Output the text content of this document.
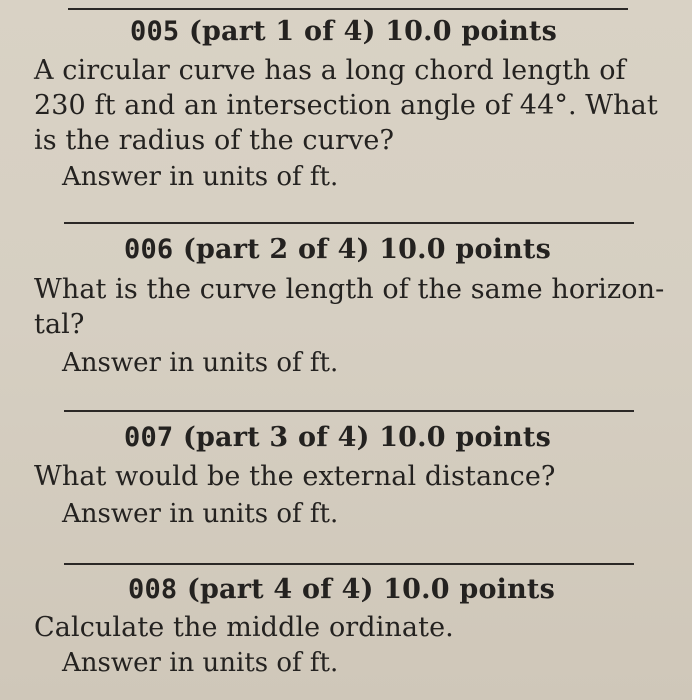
005 (part 1 of 4) 10.0 points
A circular curve has a long chord length of
230 ft and an intersection angle of 44°. What
is the radius of the curve?
Answer in units of ft.
006 (part 2 of 4) 10.0 points
What is the curve length of the same horizon-
tal?
Answer in units of ft.
007 (part 3 of 4) 10.0 points
What would be the external distance?
Answer in units of ft.
008 (part 4 of 4) 10.0 points
Calculate the middle ordinate.
Answer in units of ft.
